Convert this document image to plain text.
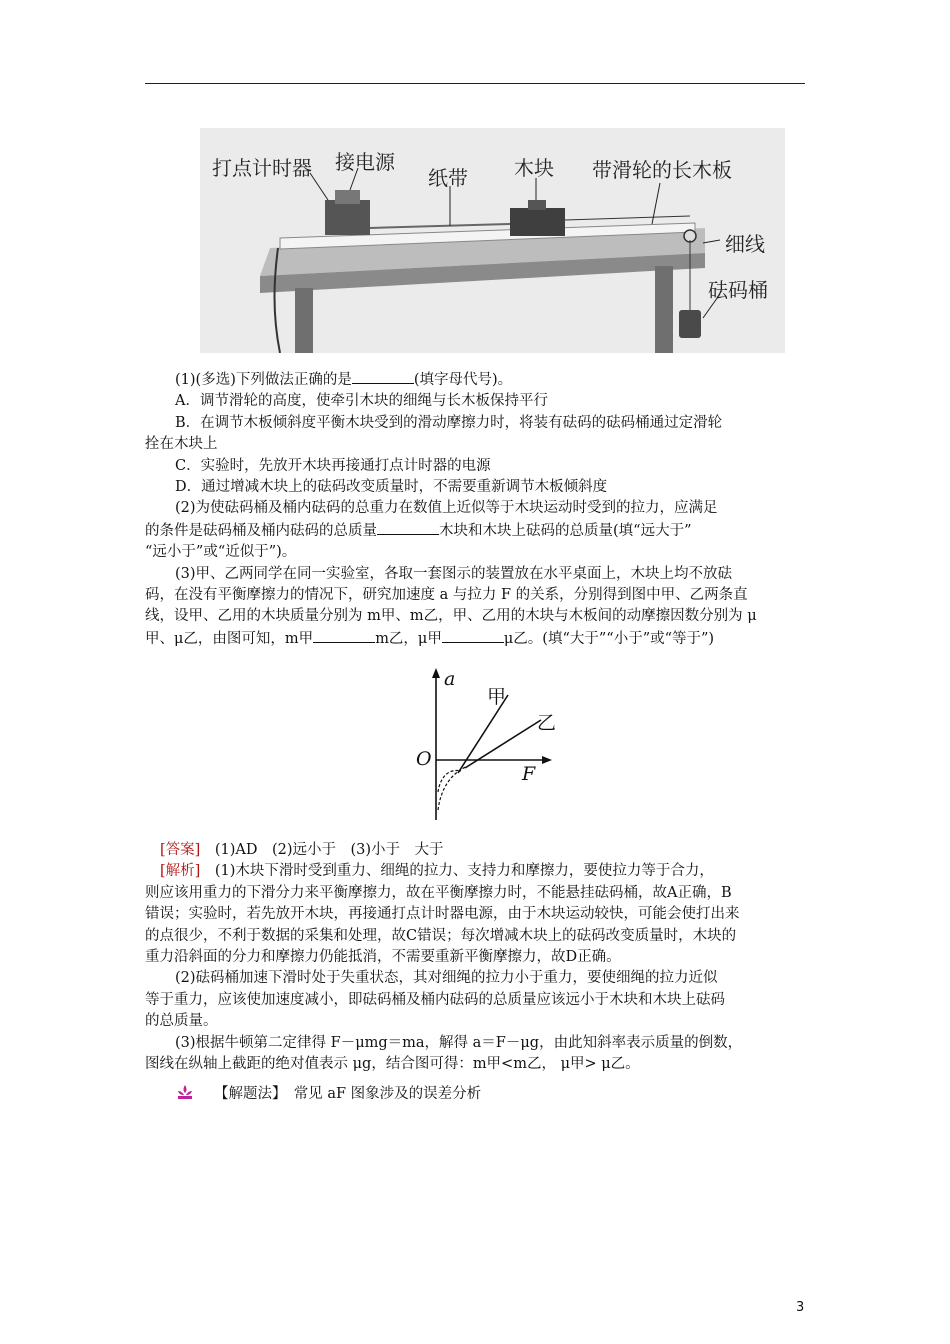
打点计时器 接电源
纸带 木块 带滑轮的长木板
细线
砝码桶

(1)(多选)下列做法正确的是	(填字母代号)。

A．调节滑轮的高度，使牵引木块的细绳与长木板保持平行

B．在调节木板倾斜度平衡木块受到的滑动摩擦力时，将装有砝码的砝码桶通过定滑轮

拴在木块上

C．实验时，先放开木块再接通打点计时器的电源

D．通过增减木块上的砝码改变质量时，不需要重新调节木板倾斜度

(2)为使砝码桶及桶内砝码的总重力在数值上近似等于木块运动时受到的拉力，应满足

的条件是砝码桶及桶内砝码的总质量	木块和木块上砝码的总质量(填“远大于”

“远小于”或“近似于”)。

(3)甲、乙两同学在同一实验室，各取一套图示的装置放在水平桌面上，木块上均不放砝

码，在没有平衡摩擦力的情况下，研究加速度 a 与拉力 F 的关系，分别得到图中甲、乙两条直

线，设甲、乙用的木块质量分别为 m甲、m乙，甲、乙用的木块与木板间的动摩擦因数分别为 μ

甲、μ乙，由图可知，m甲	m乙，μ甲	μ乙。(填“大于”“小于”或“等于”)

a
F
O
甲
乙

[答案]　 (1)AD　(2)远小于　(3)小于　大于

[解析]　 (1)木块下滑时受到重力、细绳的拉力、支持力和摩擦力，要使拉力等于合力，

则应该用重力的下滑分力来平衡摩擦力，故在平衡摩擦力时，不能悬挂砝码桶，故A正确，B

错误；实验时，若先放开木块，再接通打点计时器电源，由于木块运动较快，可能会使打出来

的点很少，不利于数据的采集和处理，故C错误；每次增减木块上的砝码改变质量时，木块的

重力沿斜面的分力和摩擦力仍能抵消，不需要重新平衡摩擦力，故D正确。

(2)砝码桶加速下滑时处于失重状态，其对细绳的拉力小于重力，要使细绳的拉力近似

等于重力，应该使加速度减小，即砝码桶及桶内砝码的总质量应该远小于木块和木块上砝码

的总质量。

(3)根据牛顿第二定律得 F－μmg＝ma，解得 a＝F－μg，由此知斜率表示质量的倒数，

图线在纵轴上截距的绝对值表示 μg，结合图可得：m甲<m乙， μ甲> μ乙。

【解题法】　常见 aF 图象涉及的误差分析
3
